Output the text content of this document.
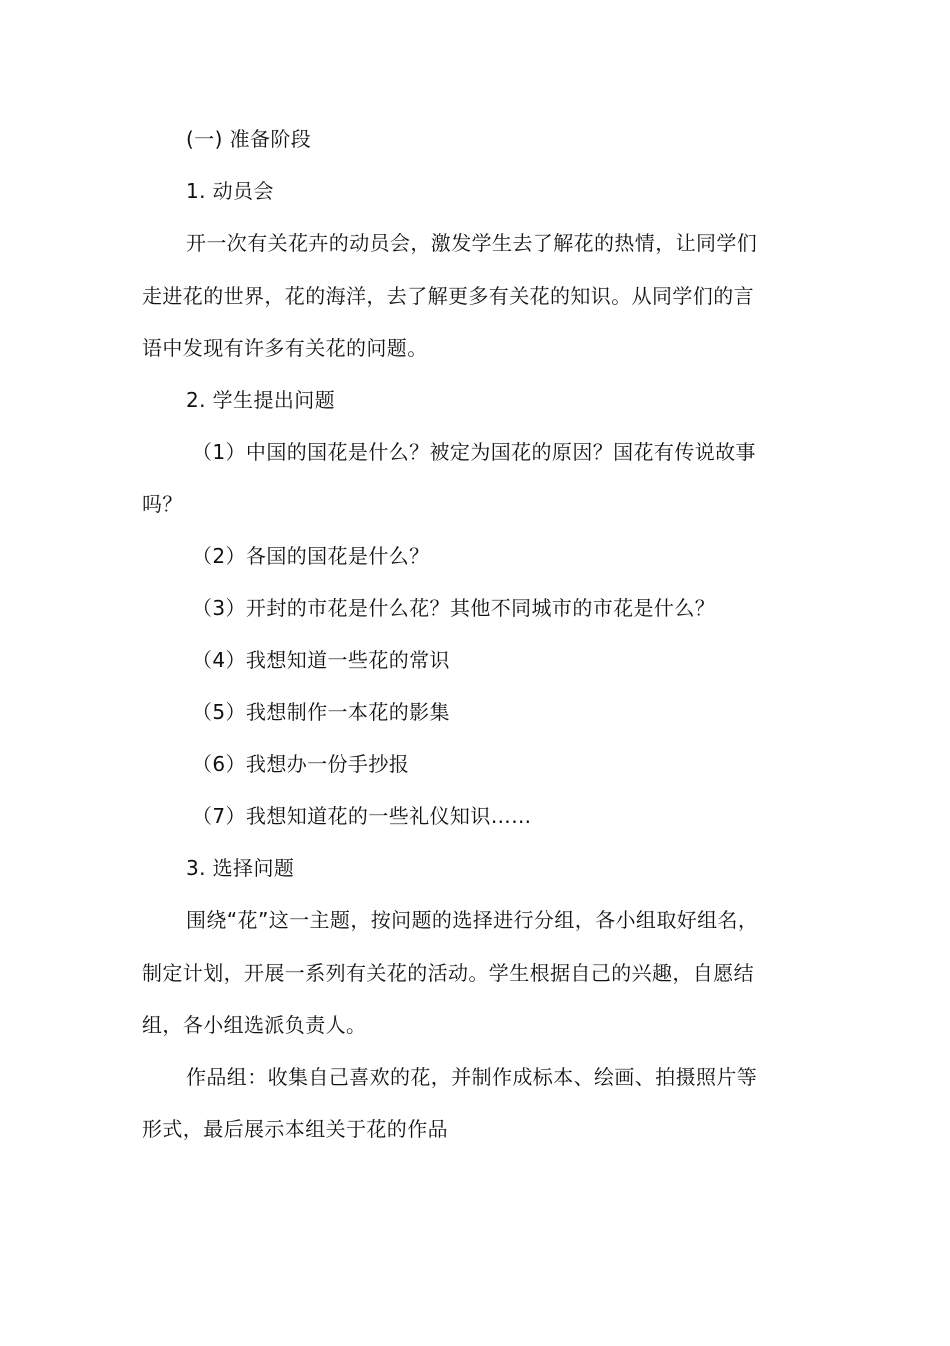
(一) 准备阶段
1. 动员会
开一次有关花卉的动员会，激发学生去了解花的热情，让同学们
走进花的世界，花的海洋，去了解更多有关花的知识。从同学们的言
语中发现有许多有关花的问题。
2. 学生提出问题
（1）中国的国花是什么？被定为国花的原因？国花有传说故事
吗？
（2）各国的国花是什么？
（3）开封的市花是什么花？其他不同城市的市花是什么？
（4）我想知道一些花的常识
（5）我想制作一本花的影集
（6）我想办一份手抄报
（7）我想知道花的一些礼仪知识……
3. 选择问题
围绕“花”这一主题，按问题的选择进行分组，各小组取好组名，
制定计划，开展一系列有关花的活动。学生根据自己的兴趣，自愿结
组，各小组选派负责人。
作品组：收集自己喜欢的花，并制作成标本、绘画、拍摄照片等
形式，最后展示本组关于花的作品
